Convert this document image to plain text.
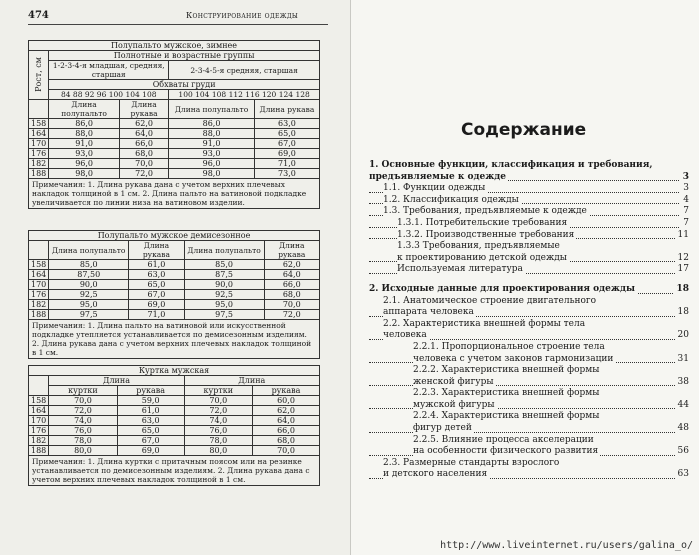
474	Конструирование одежды
Полупальто мужское, зимнее				
Рост, см	Полнотные и возрастные группы			
	1-2-3-4-я младшая, средняя, старшая		2-3-4-5-я средняя, старшая	
	Обхваты груди			
	84 88 92 96 100 104 108		100 104 108 112 116 120 124 128	
	Длина полупальто	Длина рукава	Длина полупальто	Длина рукава
158	86,0	62,0	86,0	63,0
164	88,0	64,0	88,0	65,0
170	91,0	66,0	91,0	67,0
176	93,0	68,0	93,0	69,0
182	96,0	70,0	96,0	71,0
188	98,0	72,0	98,0	73,0
Примечания: 1. Длина рукава дана с учетом верхних плечевых накладок толщиной в 1 см. 2. Длина пальто на ватиновой подкладке увеличивается по линии низа на ватиновом изделии.				
Полупальто мужское демисезонное				
	Длина полупальто	Длина рукава	Длина полупальто	Длина рукава
158	85,0	61,0	85,0	62,0
164	87,50	63,0	87,5	64,0
170	90,0	65,0	90,0	66,0
176	92,5	67,0	92,5	68,0
182	95,0	69,0	95,0	70,0
188	97,5	71,0	97,5	72,0
Примечания: 1. Длина пальто на ватиновой или искусственной подкладке утепляется устанавливается по демисезонным изделиям. 2. Длина рукава дана с учетом верхних плечевых накладок толщиной в 1 см.				
Куртка мужская				
	Длина		Длина	
	куртки	рукава	куртки	рукава
158	70,0	59,0	70,0	60,0
164	72,0	61,0	72,0	62,0
170	74,0	63,0	74,0	64,0
176	76,0	65,0	76,0	66,0
182	78,0	67,0	78,0	68,0
188	80,0	69,0	80,0	70,0
Примечания: 1. Длина куртки с притачным поясом или на резинке устанавливается по демисезонным изделиям. 2. Длина рукава дана с учетом верхних плечевых накладок толщиной в 1 см.				
Содержание
1. Основные функции, классификация и требования,
предъявляемые к одежде	3
1.1. Функции одежды	3
1.2. Классификация одежды	4
1.3. Требования, предъявляемые к одежде	7
1.3.1. Потребительские требования	7
1.3.2. Производственные требования	11
1.3.3 Требования, предъявляемые
к проектированию детской одежды	12
Используемая литература	17
2. Исходные данные для проектирования одежды	18
2.1. Анатомическое строение двигательного
аппарата человека	18
2.2. Характеристика внешней формы тела
человека	20
2.2.1. Пропорциональное строение тела
человека с учетом законов гармонизации	31
2.2.2. Характеристика внешней формы
женской фигуры	38
2.2.3. Характеристика внешней формы
мужской фигуры	44
2.2.4. Характеристика внешней формы
фигур детей	48
2.2.5. Влияние процесса акселерации
на особенности физического развития	56
2.3. Размерные стандарты взрослого
и детского населения	63
http://www.liveinternet.ru/users/galina_o/
